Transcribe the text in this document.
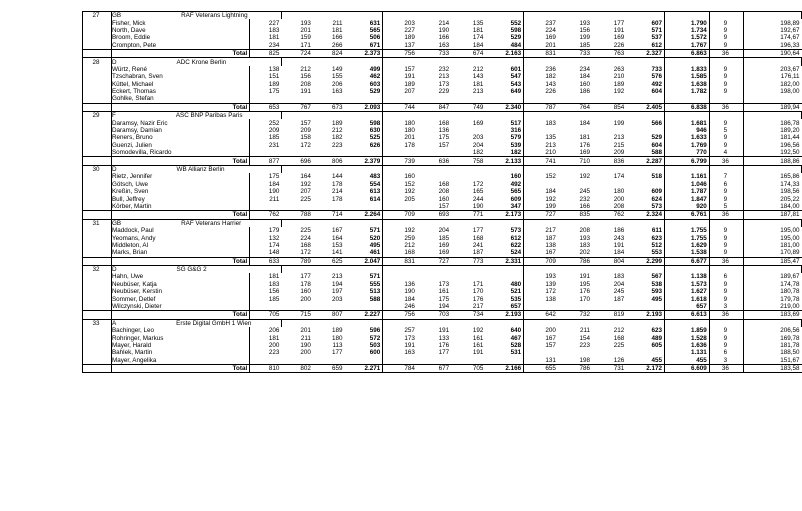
27	GB RAF Veterans Lightning															

	Fisher, Mick	227	193	211	631	203	214	135	552	237	193	177	607	1.790	9	198,89
	North, Dave	183	201	181	565	227	190	181	598	224	156	191	571	1.734	9	192,67
	Broom, Eddie	181	159	166	506	189	166	174	529	169	199	169	537	1.572	9	174,67
	Crompton, Pete	234	171	266	671	137	163	184	484	201	185	226	612	1.767	9	196,33
	Total	825	724	824	2.373	756	733	674	2.163	831	733	763	2.327	6.863	36	190,64
28	D ADC Krone Berlin															

	Würtz, René	138	212	149	499	157	232	212	601	236	234	263	733	1.833	9	203,67
	Tzschabran, Sven	151	156	155	462	191	213	143	547	182	184	210	576	1.585	9	176,11
	Küttel, Michael	189	208	206	603	189	173	181	543	143	160	189	492	1.638	9	182,00
	Eckert, Thomas	175	191	163	529	207	229	213	649	226	186	192	604	1.782	9	198,00
	Gohlke, Stefan															
	Total	653	767	673	2.093	744	847	749	2.340	787	764	854	2.405	6.838	36	189,94
29	F ASC BNP Paribas Paris															

	Daramsy, Nazir Eric	252	157	189	598	180	168	169	517	183	184	199	566	1.681	9	186,78
	Daramsy, Damian	209	209	212	630	180	136		316					946	5	189,20
	Reners, Bruno	185	158	182	525	201	175	203	579	135	181	213	529	1.633	9	181,44
	Guenzi, Julien	231	172	223	626	178	157	204	539	213	176	215	604	1.769	9	196,56
	Somodevilla, Ricardo							182	182	210	169	209	588	770	4	192,50
	Total	877	696	806	2.379	739	636	758	2.133	741	710	836	2.287	6.799	36	188,86
30	D WB Allianz Berlin															

	Rietz, Jennifer	175	164	144	483	160			160	152	192	174	518	1.161	7	165,86
	Götsch, Uwe	184	192	178	554	152	168	172	492					1.046	6	174,33
	Kreßin, Sven	190	207	214	613	192	208	165	565	184	245	180	609	1.787	9	198,56
	Bull, Jeffrey	211	225	178	614	205	160	244	609	192	232	200	624	1.847	9	205,22
	Körber, Martin						157	190	347	199	166	208	573	920	5	184,00
	Total	762	788	714	2.264	709	693	771	2.173	727	835	762	2.324	6.761	36	187,81
31	GB RAF Veterans Harrier															

	Maddock, Paul	179	225	167	571	192	204	177	573	217	208	186	611	1.755	9	195,00
	Yeomans, Andy	132	224	164	520	259	185	168	612	187	193	243	623	1.755	9	195,00
	Middleton, Al	174	168	153	495	212	169	241	622	138	183	191	512	1.629	9	181,00
	Marks, Brian	148	172	141	461	168	169	187	524	167	202	184	553	1.538	9	170,89
	Total	633	789	625	2.047	831	727	773	2.331	709	786	804	2.299	6.677	36	185,47
32	D SG G&G 2															

	Hahn, Uwe	181	177	213	571					193	191	183	567	1.138	6	189,67
	Neubüser, Katja	183	178	194	555	136	173	171	480	139	195	204	538	1.573	9	174,78
	Neubüser, Kerstin	156	160	197	513	190	161	170	521	172	176	245	593	1.627	9	180,78
	Sommer, Detlef	185	200	203	588	184	175	176	535	138	170	187	495	1.618	9	179,78
	Wilczynski, Dieter					246	194	217	657					657	3	219,00
	Total	705	715	807	2.227	756	703	734	2.193	642	732	819	2.193	6.613	36	183,69
33	A Erste Digital GmbH 1 Wien															

	Bachinger, Leo	206	201	189	596	257	191	192	640	200	211	212	623	1.859	9	206,56
	Rohringer, Markus	181	211	180	572	173	133	161	467	167	154	168	489	1.528	9	169,78
	Mayer, Harald	200	190	113	503	191	176	161	528	157	223	225	605	1.636	9	181,78
	Bahlek, Martin	223	200	177	600	163	177	191	531					1.131	6	188,50
	Mayer, Angelika									131	198	126	455	455	3	151,67
	Total	810	802	659	2.271	784	677	705	2.166	655	786	731	2.172	6.609	36	183,58
